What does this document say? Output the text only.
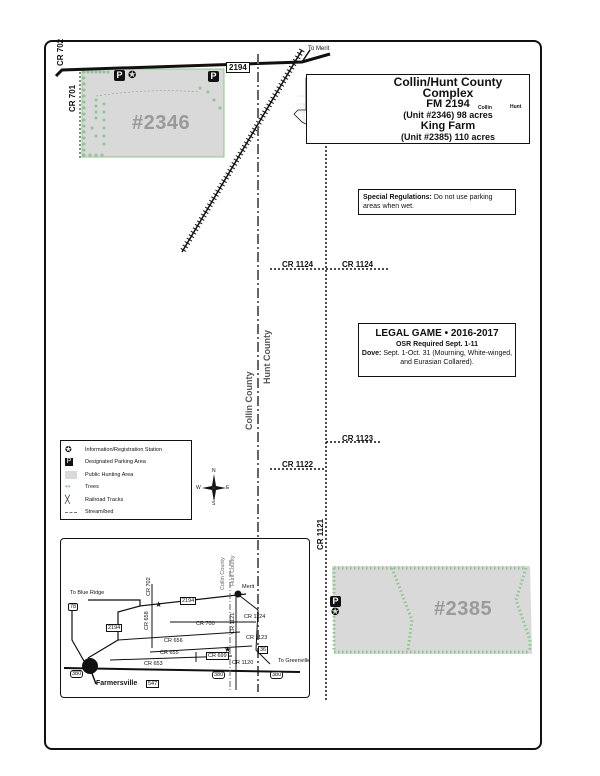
CR 702
CR 701
2194
To Merit
CR 1124	CR 1124
CR 1123
CR 1122
CR 1121
Collin County
Hunt County
#2346
#2385
P ✪	P
P
✪
Collin/Hunt County Complex
FM 2194
(Unit #2346) 98 acres
King Farm
(Unit #2385) 110 acres
Collin	Hunt
Special Regulations: Do not use parking areas when wet.
LEGAL GAME • 2016-2017
OSR Required Sept. 1-11
Dove: Sept. 1-Oct. 31 (Mourning, White-winged,
and Eurasian Collared).
✪	Information/Registration Station
P	Designated Parking Area
Public Hunting Area
••	Trees
╳	Railroad Tracks
Stream/bed
N
S
W	E
To Blue Ridge
78
CR 702
2194
2194	CR 658	CR 700
CR 656
CR 655	CR 699
CR 653
380	380	380
547
Farmersville
Merit
CR 1121 CR 1124
CR 1123
CR 1120
36
To Greenville
Collin County Hunt County
★
★
